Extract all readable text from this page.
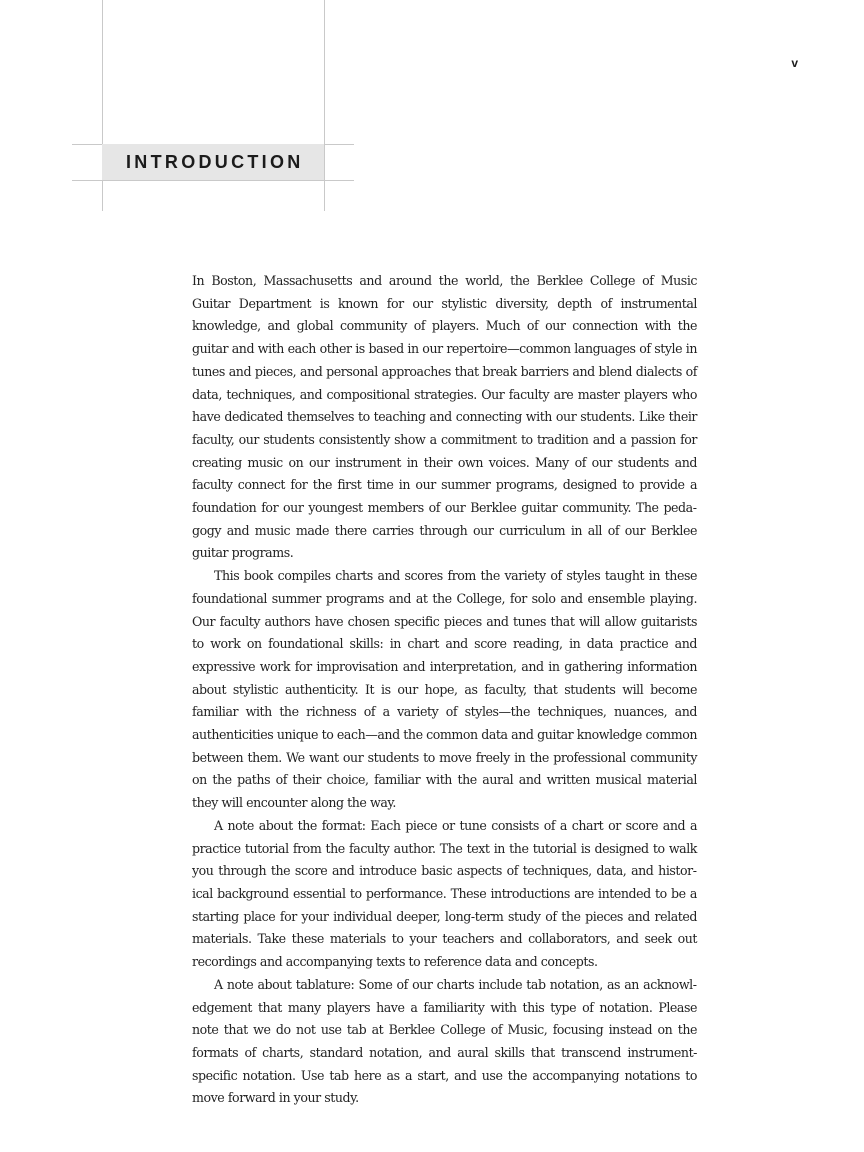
INTRODUCTION
v

In Boston, Massachusetts and around the world, the Berklee College of Music Guitar Department is known for our stylistic diversity, depth of instrumental knowledge, and global community of players. Much of our connection with the guitar and with each other is based in our repertoire—common languages of style in tunes and pieces, and personal approaches that break barriers and blend dialects of data, techniques, and compositional strategies. Our faculty are master players who have dedicated themselves to teaching and connecting with our students. Like their faculty, our students consistently show a commitment to tradition and a passion for creating music on our instrument in their own voices. Many of our students and faculty connect for the first time in our summer programs, designed to provide a foundation for our youngest members of our Berklee guitar community. The pedagogy and music made there carries through our curriculum in all of our Berklee guitar programs.

This book compiles charts and scores from the variety of styles taught in these foundational summer programs and at the College, for solo and ensemble playing. Our faculty authors have chosen specific pieces and tunes that will allow guitarists to work on foundational skills: in chart and score reading, in data practice and expressive work for improvisation and interpretation, and in gathering information about stylistic authenticity. It is our hope, as faculty, that students will become familiar with the richness of a variety of styles—the techniques, nuances, and authenticities unique to each—and the common data and guitar knowledge common between them. We want our students to move freely in the professional community on the paths of their choice, familiar with the aural and written musical material they will encounter along the way.

A note about the format: Each piece or tune consists of a chart or score and a practice tutorial from the faculty author. The text in the tutorial is designed to walk you through the score and introduce basic aspects of techniques, data, and historical background essential to performance. These introductions are intended to be a starting place for your individual deeper, long-term study of the pieces and related materials. Take these materials to your teachers and collaborators, and seek out recordings and accompanying texts to reference data and concepts.

A note about tablature: Some of our charts include tab notation, as an acknowledgement that many players have a familiarity with this type of notation. Please note that we do not use tab at Berklee College of Music, focusing instead on the formats of charts, standard notation, and aural skills that transcend instrument-specific notation. Use tab here as a start, and use the accompanying notations to move forward in your study.
